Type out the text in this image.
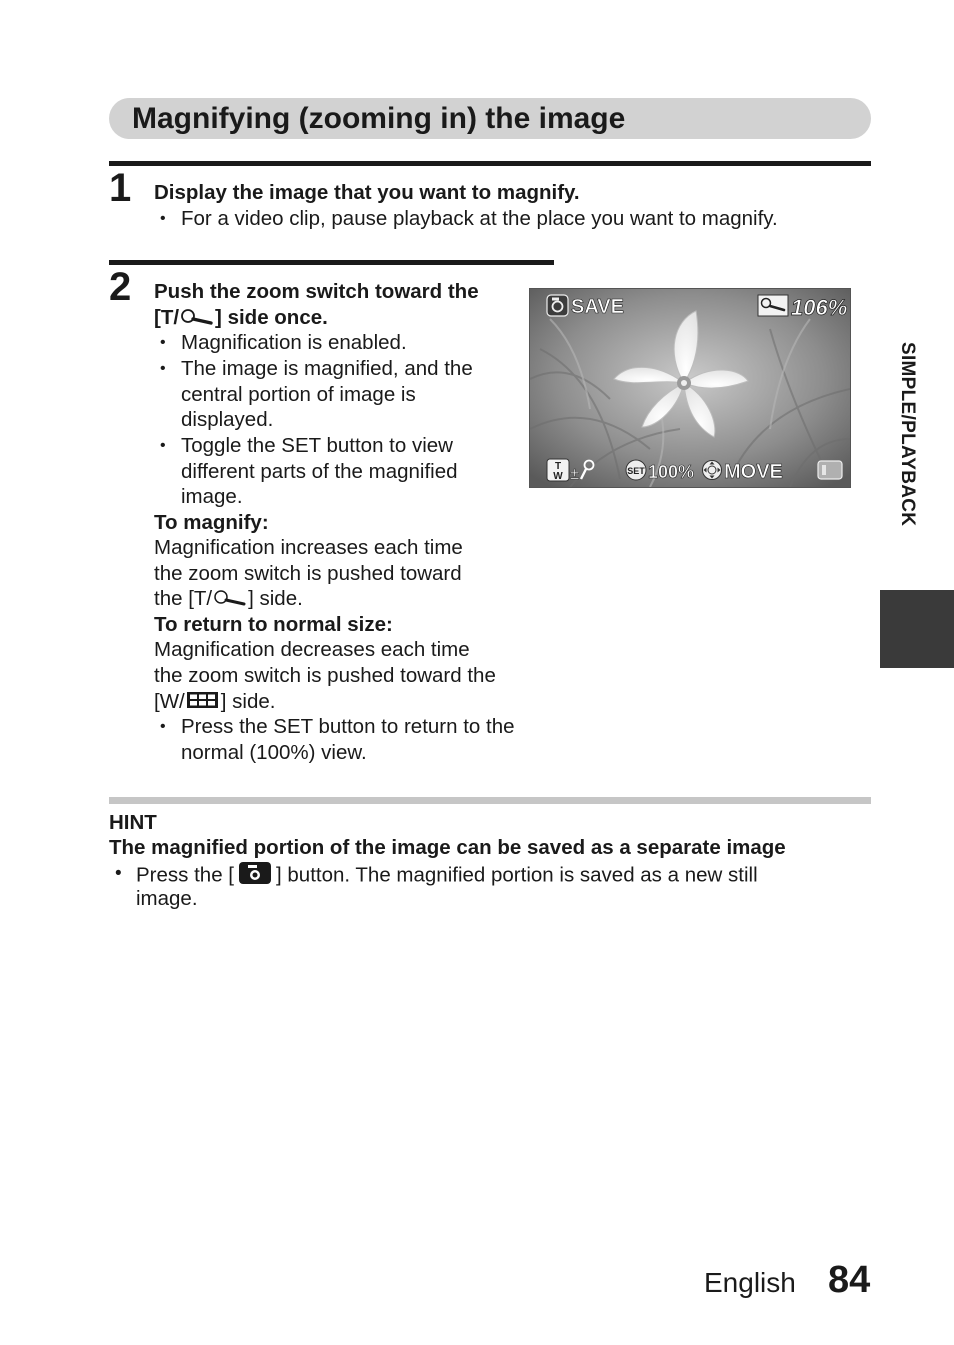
Magnifying (zooming in) the image
1 Display the image that you want to magnify.
• For a video clip, pause playback at the place you want to magnify.
2 Push the zoom switch toward the
[T/ ] side once.
• Magnification is enabled.
• The image is magnified, and the
central portion of image is
displayed.
• Toggle the SET button to view
different parts of the magnified
image.
To magnify:
Magnification increases each time
the zoom switch is pushed toward
the [T/ ] side.
To return to normal size:
Magnification decreases each time
the zoom switch is pushed toward the
[W/ ] side.
• Press the SET button to return to the
normal (100%) view.
SAVE	106%
T
W ±	SET 100% MOVE
HINT
The magnified portion of the image can be saved as a separate image
• Press the [ ] button. The magnified portion is saved as a new still
image.
SIMPLE/PLAYBACK
English 84
